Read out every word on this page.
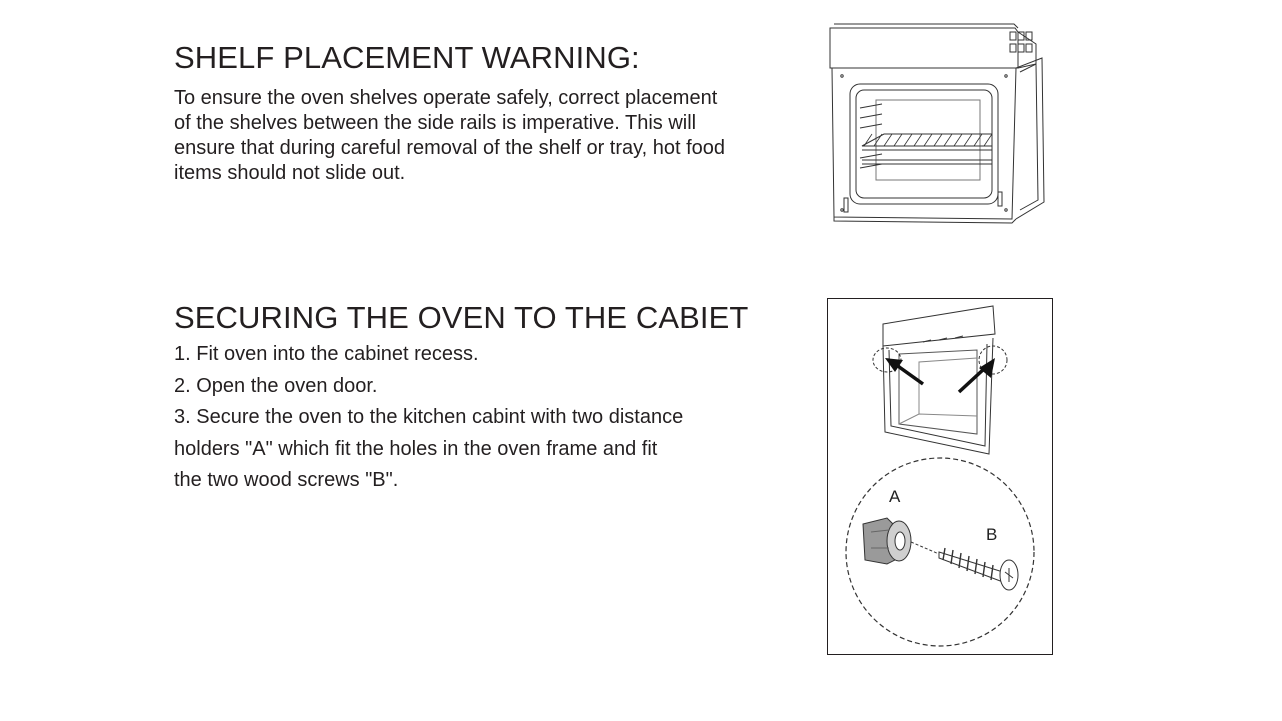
SHELF PLACEMENT WARNING:

To ensure the oven shelves operate safely, correct placement
of the shelves between the side rails is imperative. This will
ensure that during careful removal of the shelf or tray, hot food
items should not slide out.

SECURING THE OVEN TO THE CABIET
1. Fit oven into the cabinet recess.
2. Open the oven door.
3. Secure the oven to the kitchen cabint with two distance
holders "A" which fit the holes in the oven frame and fit
the two wood screws "B".
A
B
